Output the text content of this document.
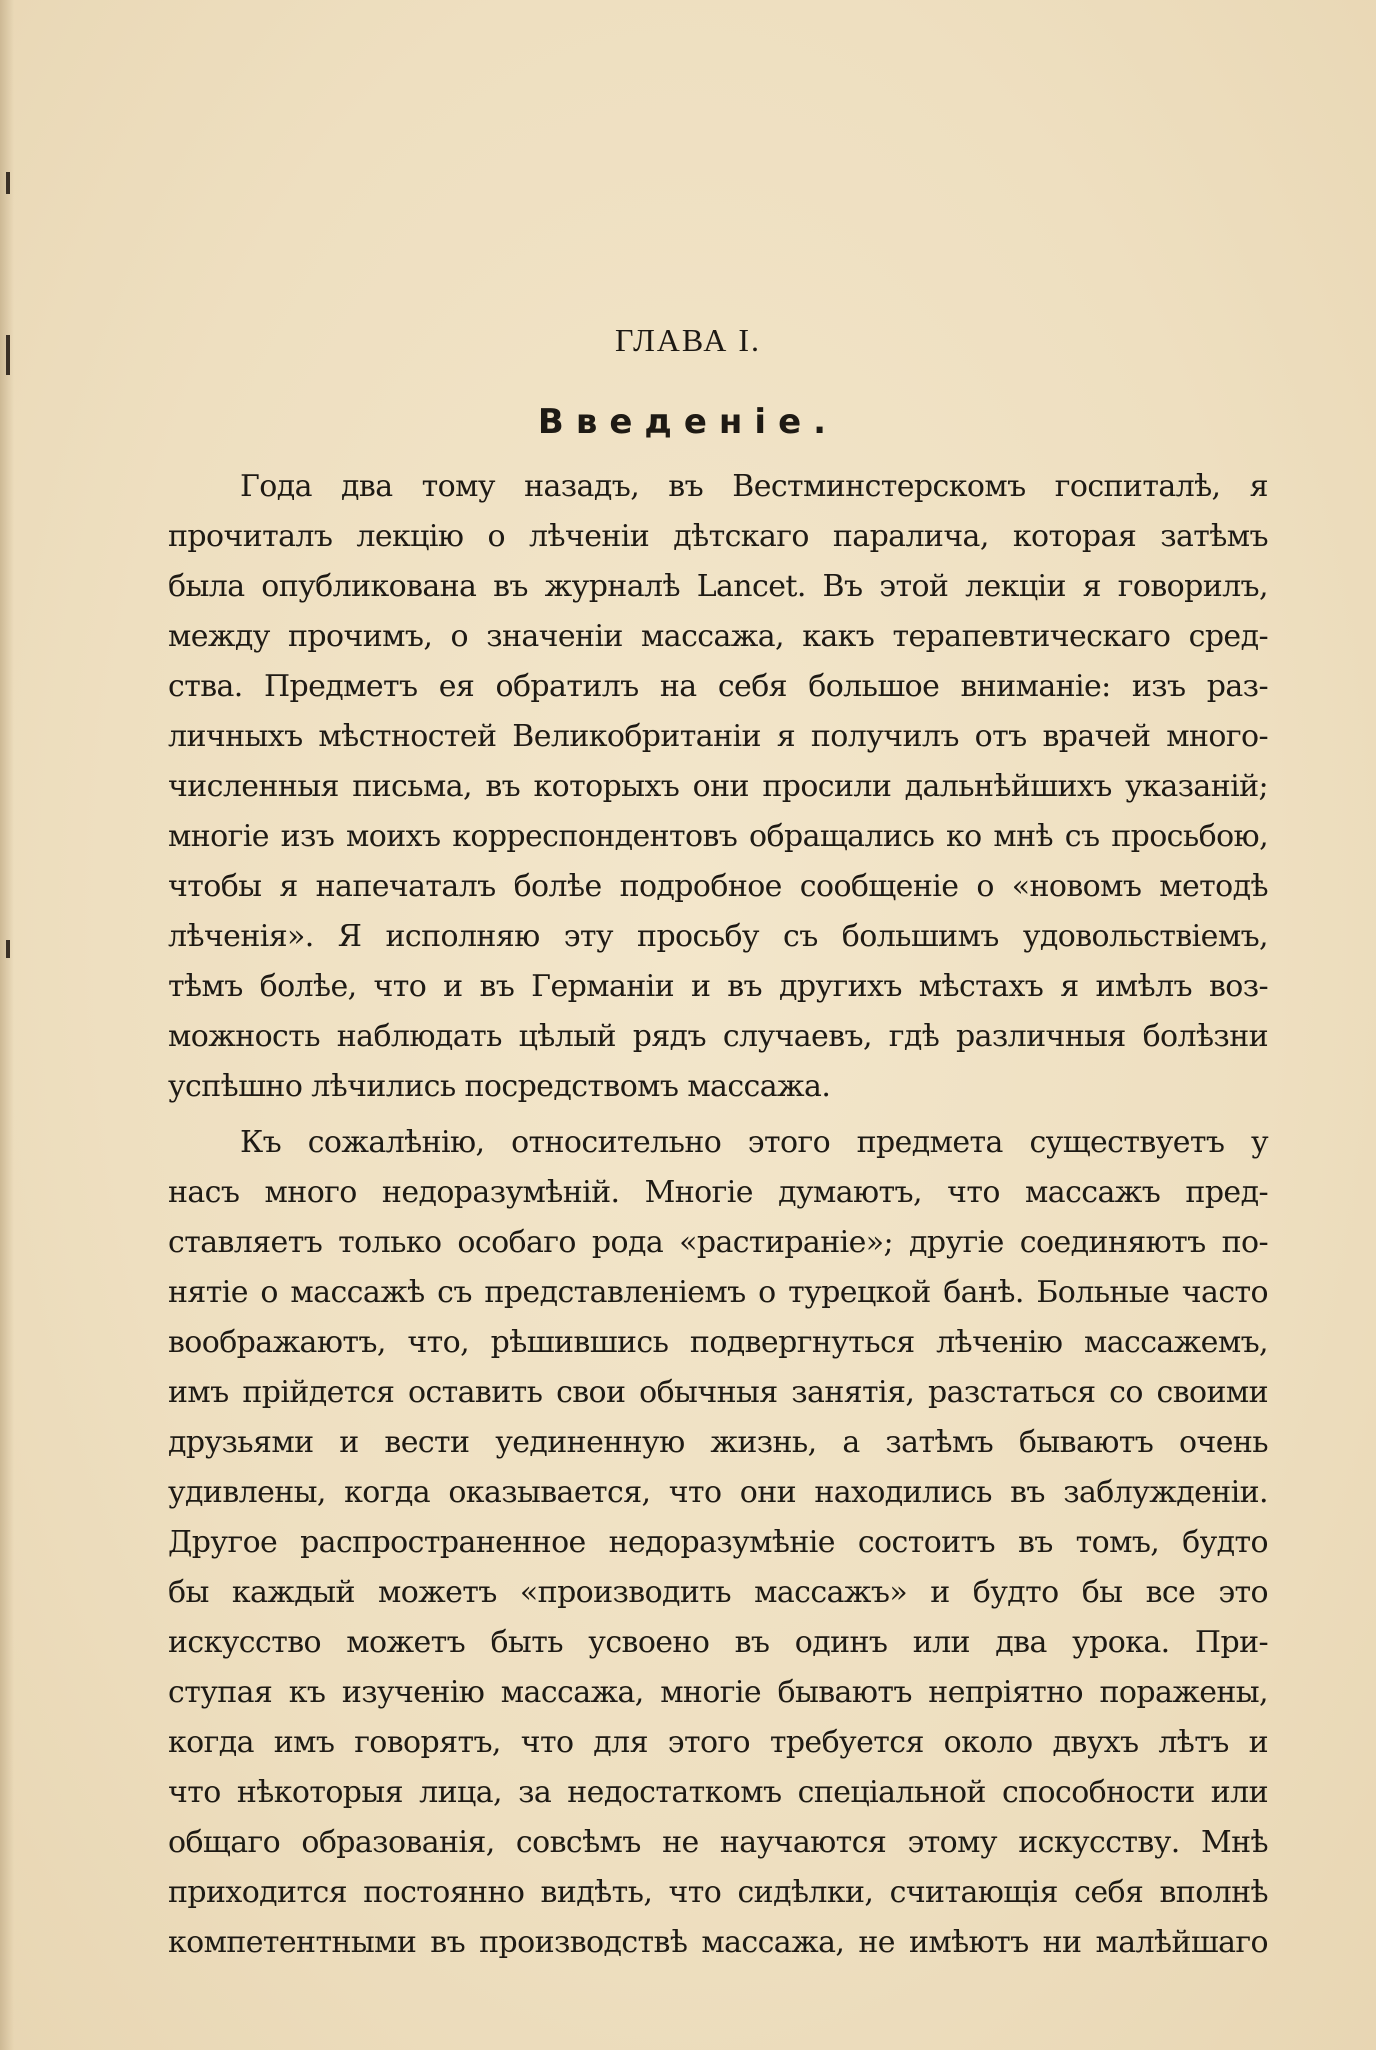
ГЛАВА I.
Введеніе.
Года два тому назадъ, въ Вестминстерскомъ госпиталѣ, я
прочиталъ лекцію о лѣченіи дѣтскаго паралича, которая затѣмъ
была опубликована въ журналѣ Lancet. Въ этой лекціи я говорилъ,
между прочимъ, о значеніи массажа, какъ терапевтическаго сред-
ства. Предметъ ея обратилъ на себя большое вниманіе: изъ раз-
личныхъ мѣстностей Великобританіи я получилъ отъ врачей много-
численныя письма, въ которыхъ они просили дальнѣйшихъ указаній;
многіе изъ моихъ корреспондентовъ обращались ко мнѣ съ просьбою,
чтобы я напечаталъ болѣе подробное сообщеніе о «новомъ методѣ
лѣченія». Я исполняю эту просьбу съ большимъ удовольствіемъ,
тѣмъ болѣе, что и въ Германіи и въ другихъ мѣстахъ я имѣлъ воз-
можность наблюдать цѣлый рядъ случаевъ, гдѣ различныя болѣзни
успѣшно лѣчились посредствомъ массажа.
Къ сожалѣнію, относительно этого предмета существуетъ у
насъ много недоразумѣній. Многіе думаютъ, что массажъ пред-
ставляетъ только особаго рода «растираніе»; другіе соединяютъ по-
нятіе о массажѣ съ представленіемъ о турецкой банѣ. Больные часто
воображаютъ, что, рѣшившись подвергнуться лѣченію массажемъ,
имъ прійдется оставить свои обычныя занятія, разстаться со своими
друзьями и вести уединенную жизнь, а затѣмъ бываютъ очень
удивлены, когда оказывается, что они находились въ заблужденіи.
Другое распространенное недоразумѣніе состоитъ въ томъ, будто
бы каждый можетъ «производить массажъ» и будто бы все это
искусство можетъ быть усвоено въ одинъ или два урока. При-
ступая къ изученію массажа, многіе бываютъ непріятно поражены,
когда имъ говорятъ, что для этого требуется около двухъ лѣтъ и
что нѣкоторыя лица, за недостаткомъ спеціальной способности или
общаго образованія, совсѣмъ не научаются этому искусству. Мнѣ
приходится постоянно видѣть, что сидѣлки, считающія себя вполнѣ
компетентными въ производствѣ массажа, не имѣютъ ни малѣйшаго
